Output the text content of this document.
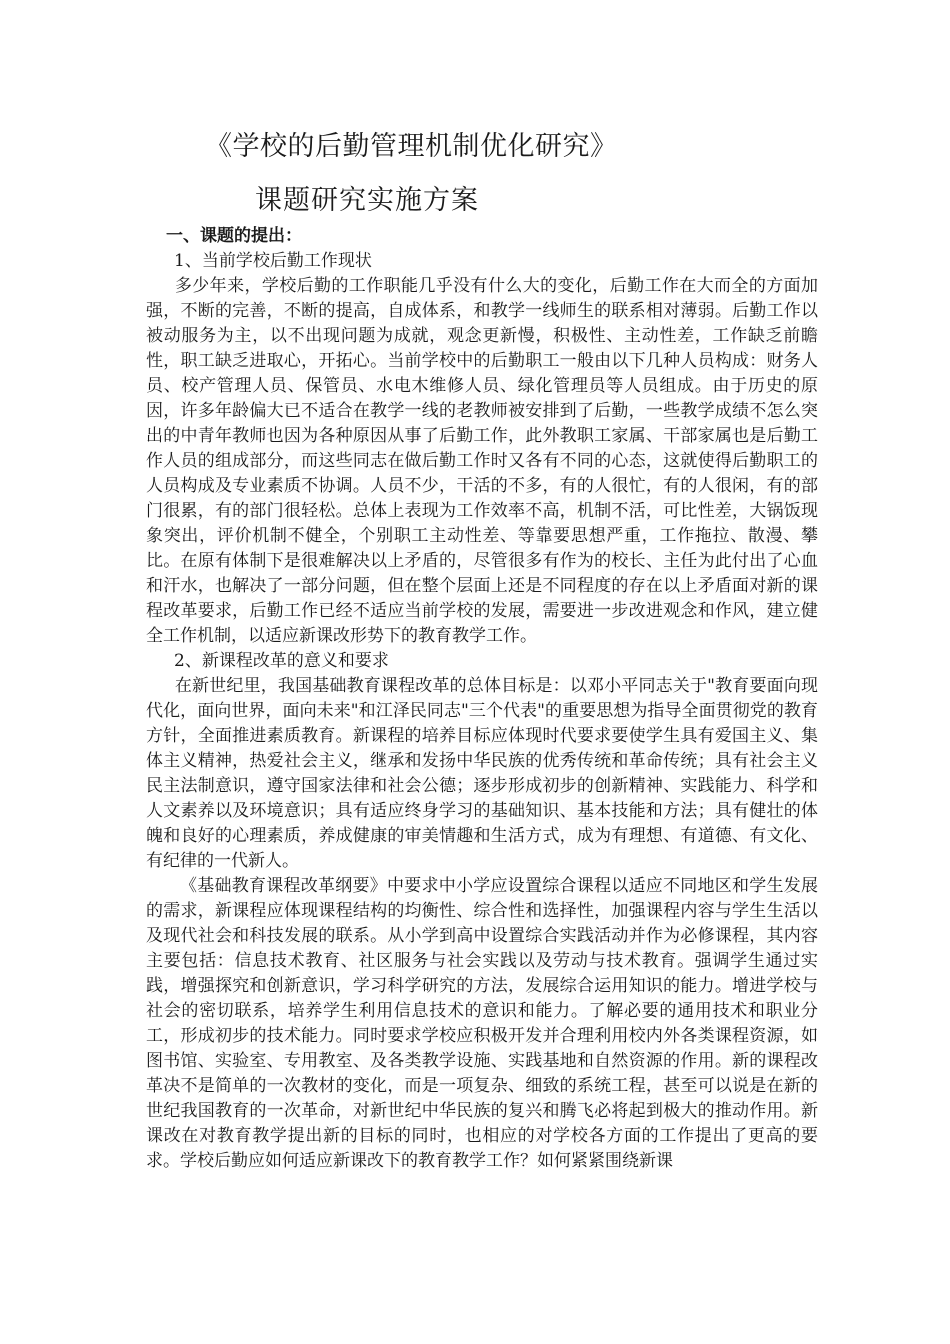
《学校的后勤管理机制优化研究》
课题研究实施方案

一、课题的提出：

1、当前学校后勤工作现状

多少年来，学校后勤的工作职能几乎没有什么大的变化，后勤工作在大而全的方面加强，不断的完善，不断的提高，自成体系，和教学一线师生的联系相对薄弱。后勤工作以被动服务为主，以不出现问题为成就，观念更新慢，积极性、主动性差，工作缺乏前瞻性，职工缺乏进取心，开拓心。当前学校中的后勤职工一般由以下几种人员构成：财务人员、校产管理人员、保管员、水电木维修人员、绿化管理员等人员组成。由于历史的原因，许多年龄偏大已不适合在教学一线的老教师被安排到了后勤，一些教学成绩不怎么突出的中青年教师也因为各种原因从事了后勤工作，此外教职工家属、干部家属也是后勤工作人员的组成部分，而这些同志在做后勤工作时又各有不同的心态，这就使得后勤职工的人员构成及专业素质不协调。人员不少，干活的不多，有的人很忙，有的人很闲，有的部门很累，有的部门很轻松。总体上表现为工作效率不高，机制不活，可比性差，大锅饭现象突出，评价机制不健全，个别职工主动性差、等靠要思想严重，工作拖拉、散漫、攀比。在原有体制下是很难解决以上矛盾的，尽管很多有作为的校长、主任为此付出了心血和汗水，也解决了一部分问题，但在整个层面上还是不同程度的存在以上矛盾面对新的课程改革要求，后勤工作已经不适应当前学校的发展，需要进一步改进观念和作风，建立健全工作机制，以适应新课改形势下的教育教学工作。

2、新课程改革的意义和要求

在新世纪里，我国基础教育课程改革的总体目标是：以邓小平同志关于"教育要面向现代化，面向世界，面向未来"和江泽民同志"三个代表"的重要思想为指导全面贯彻党的教育方针，全面推进素质教育。新课程的培养目标应体现时代要求要使学生具有爱国主义、集体主义精神，热爱社会主义，继承和发扬中华民族的优秀传统和革命传统；具有社会主义民主法制意识，遵守国家法律和社会公德；逐步形成初步的创新精神、实践能力、科学和人文素养以及环境意识；具有适应终身学习的基础知识、基本技能和方法；具有健壮的体魄和良好的心理素质，养成健康的审美情趣和生活方式，成为有理想、有道德、有文化、有纪律的一代新人。

《基础教育课程改革纲要》中要求中小学应设置综合课程以适应不同地区和学生发展的需求，新课程应体现课程结构的均衡性、综合性和选择性，加强课程内容与学生生活以及现代社会和科技发展的联系。从小学到高中设置综合实践活动并作为必修课程，其内容主要包括：信息技术教育、社区服务与社会实践以及劳动与技术教育。强调学生通过实践，增强探究和创新意识，学习科学研究的方法，发展综合运用知识的能力。增进学校与社会的密切联系，培养学生利用信息技术的意识和能力。了解必要的通用技术和职业分工，形成初步的技术能力。同时要求学校应积极开发并合理利用校内外各类课程资源，如图书馆、实验室、专用教室、及各类教学设施、实践基地和自然资源的作用。新的课程改革决不是简单的一次教材的变化，而是一项复杂、细致的系统工程，甚至可以说是在新的世纪我国教育的一次革命，对新世纪中华民族的复兴和腾飞必将起到极大的推动作用。新课改在对教育教学提出新的目标的同时，也相应的对学校各方面的工作提出了更高的要求。学校后勤应如何适应新课改下的教育教学工作？如何紧紧围绕新课
